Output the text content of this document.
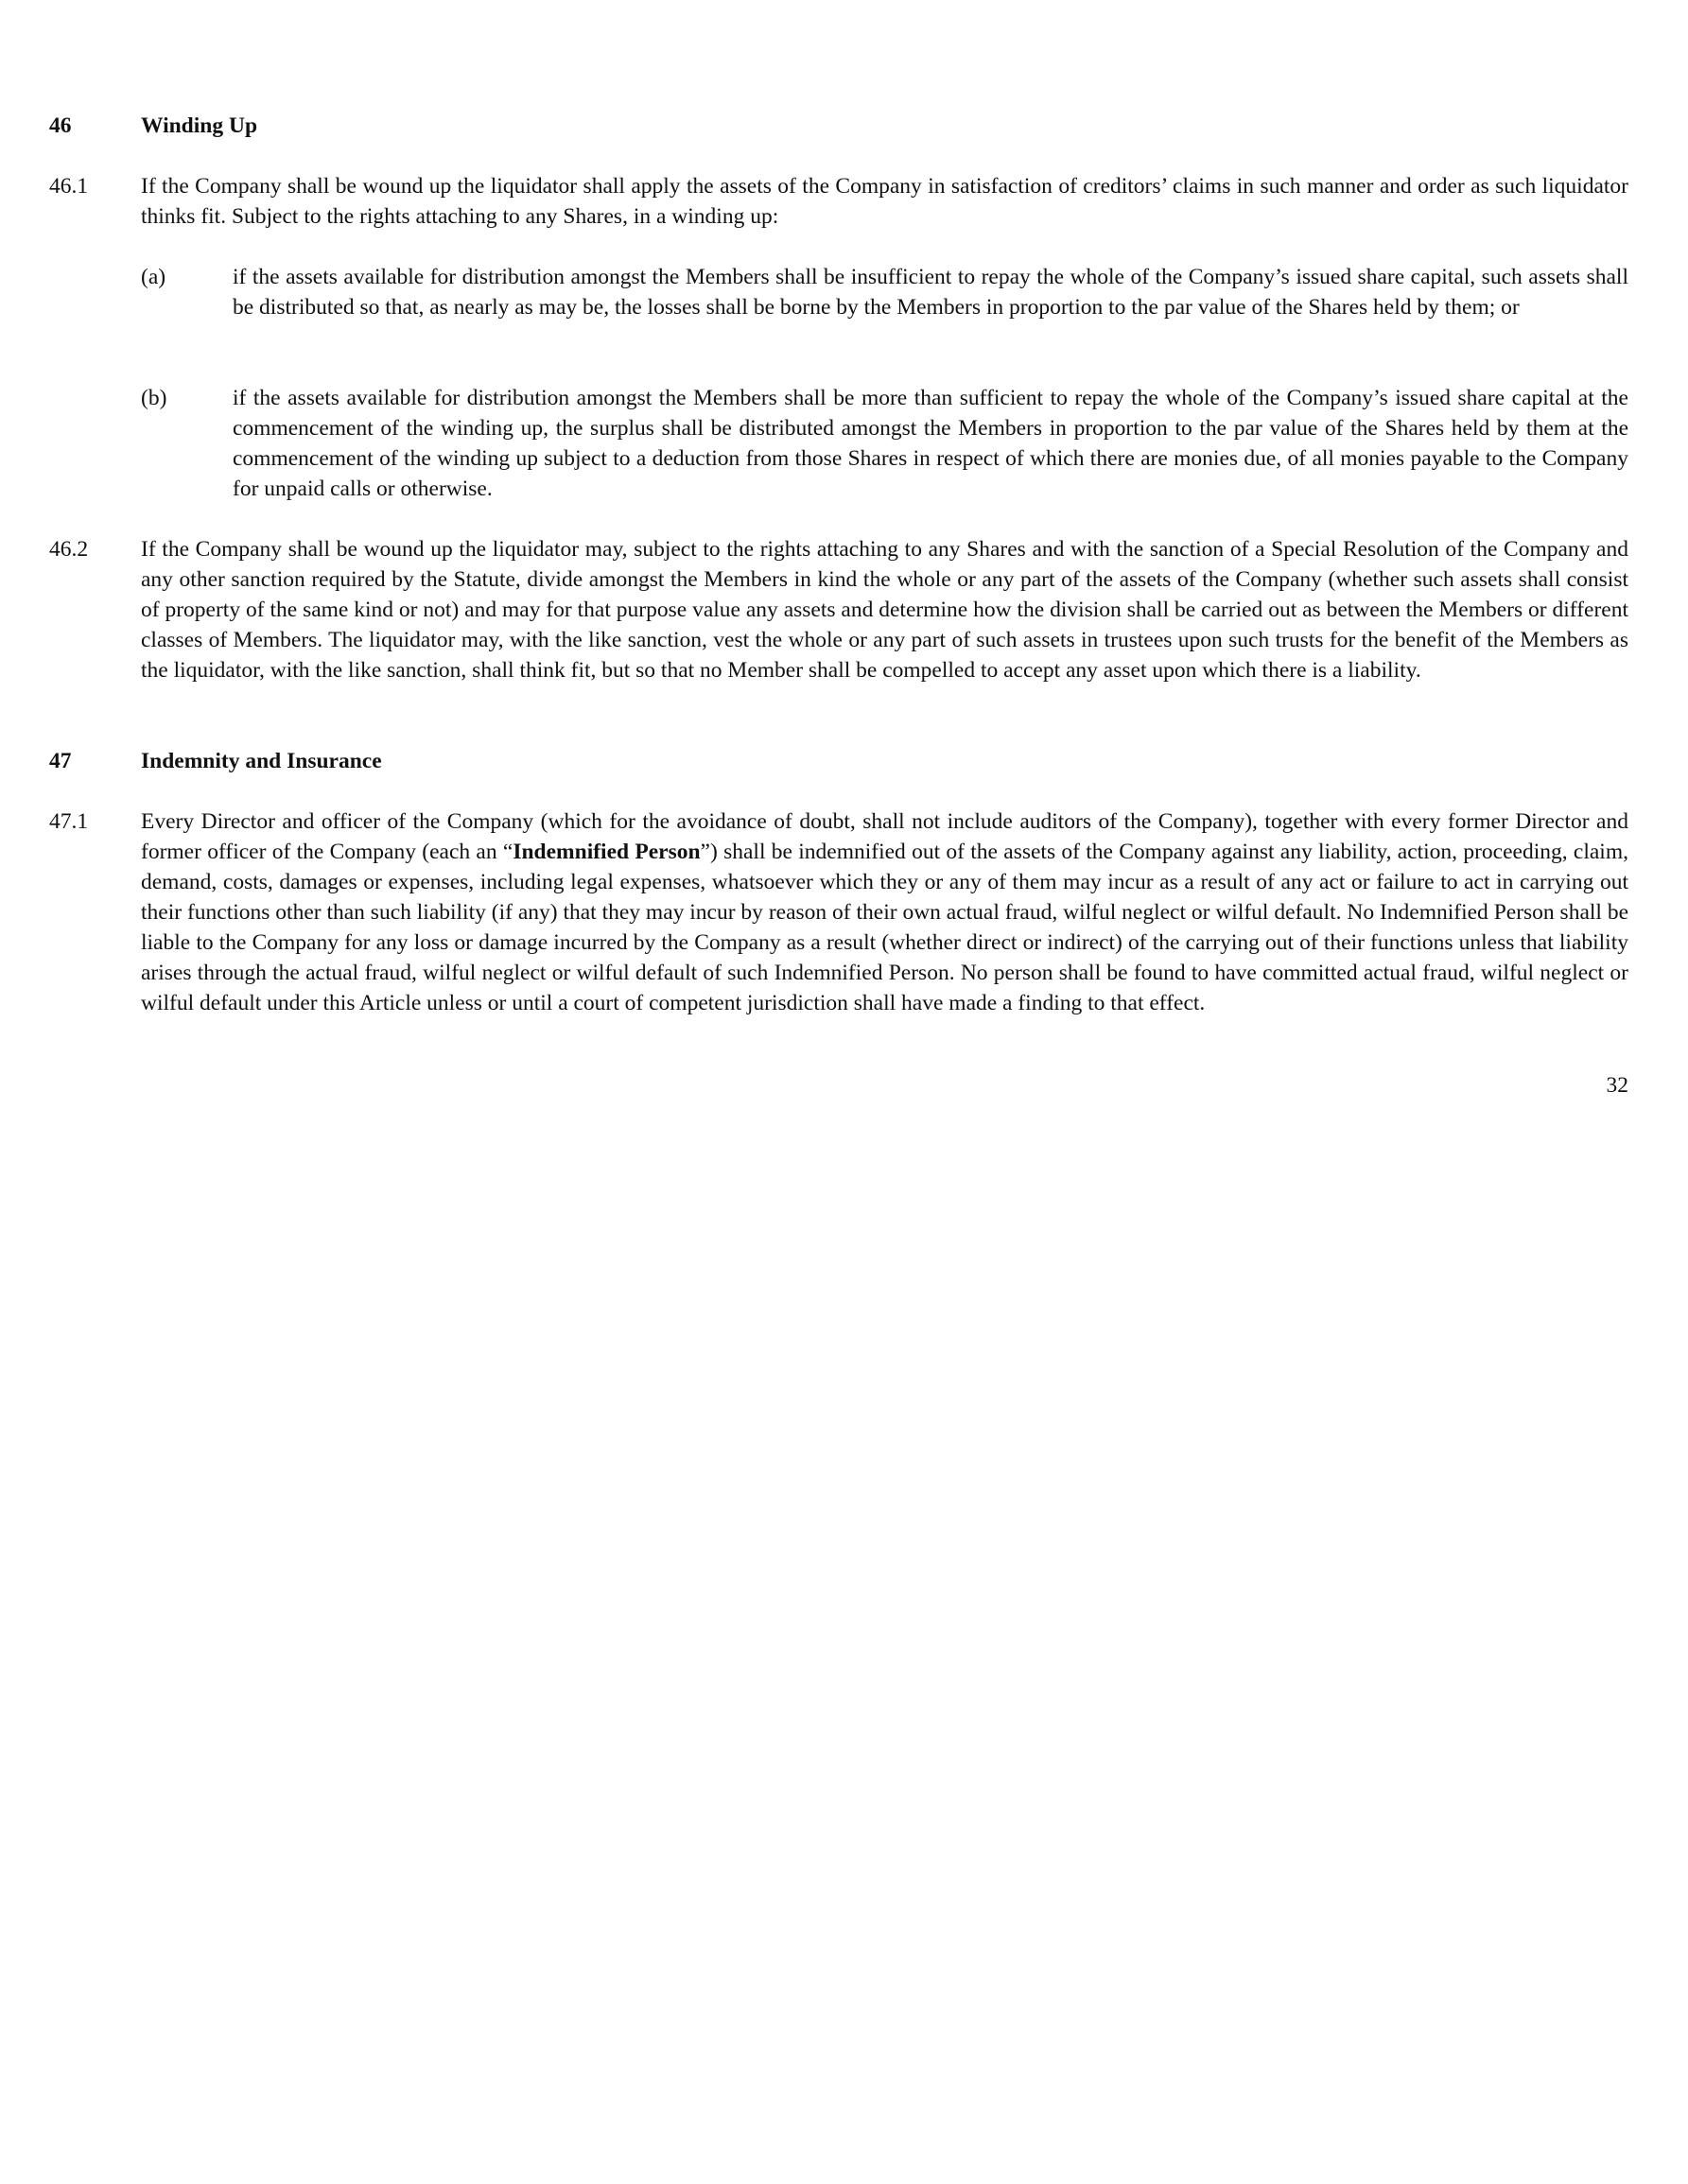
46	Winding Up
46.1 If the Company shall be wound up the liquidator shall apply the assets of the Company in satisfaction of creditors’ claims in such manner and order as such liquidator thinks fit. Subject to the rights attaching to any Shares, in a winding up:
(a)	if the assets available for distribution amongst the Members shall be insufficient to repay the whole of the Company’s issued share capital, such assets shall be distributed so that, as nearly as may be, the losses shall be borne by the Members in proportion to the par value of the Shares held by them; or
(b)	if the assets available for distribution amongst the Members shall be more than sufficient to repay the whole of the Company’s issued share capital at the commencement of the winding up, the surplus shall be distributed amongst the Members in proportion to the par value of the Shares held by them at the commencement of the winding up subject to a deduction from those Shares in respect of which there are monies due, of all monies payable to the Company for unpaid calls or otherwise.
46.2 If the Company shall be wound up the liquidator may, subject to the rights attaching to any Shares and with the sanction of a Special Resolution of the Company and any other sanction required by the Statute, divide amongst the Members in kind the whole or any part of the assets of the Company (whether such assets shall consist of property of the same kind or not) and may for that purpose value any assets and determine how the division shall be carried out as between the Members or different classes of Members. The liquidator may, with the like sanction, vest the whole or any part of such assets in trustees upon such trusts for the benefit of the Members as the liquidator, with the like sanction, shall think fit, but so that no Member shall be compelled to accept any asset upon which there is a liability.
47	Indemnity and Insurance
47.1 Every Director and officer of the Company (which for the avoidance of doubt, shall not include auditors of the Company), together with every former Director and former officer of the Company (each an “Indemnified Person”) shall be indemnified out of the assets of the Company against any liability, action, proceeding, claim, demand, costs, damages or expenses, including legal expenses, whatsoever which they or any of them may incur as a result of any act or failure to act in carrying out their functions other than such liability (if any) that they may incur by reason of their own actual fraud, wilful neglect or wilful default. No Indemnified Person shall be liable to the Company for any loss or damage incurred by the Company as a result (whether direct or indirect) of the carrying out of their functions unless that liability arises through the actual fraud, wilful neglect or wilful default of such Indemnified Person. No person shall be found to have committed actual fraud, wilful neglect or wilful default under this Article unless or until a court of competent jurisdiction shall have made a finding to that effect.
32
